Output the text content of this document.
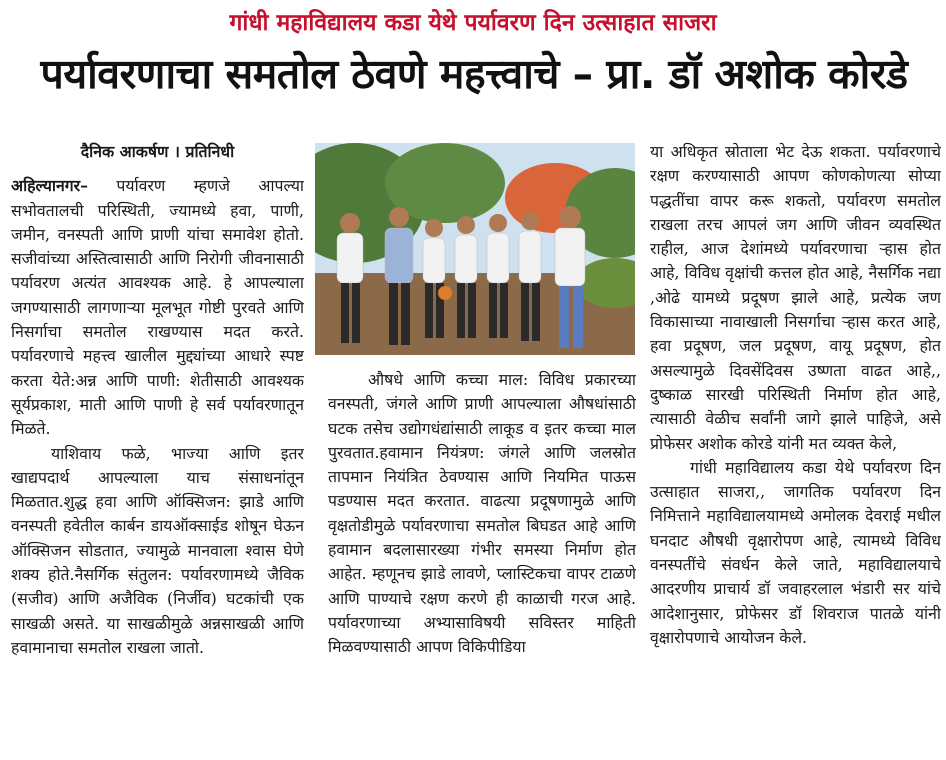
गांधी महाविद्यालय कडा येथे पर्यावरण दिन उत्साहात साजरा
पर्यावरणाचा समतोल ठेवणे महत्त्वाचे – प्रा. डॉ अशोक कोरडे

दैनिक आकर्षण । प्रतिनिधी

अहिल्यानगर– पर्यावरण म्हणजे आपल्या सभोवतालची परिस्थिती, ज्यामध्ये हवा, पाणी, जमीन, वनस्पती आणि प्राणी यांचा समावेश होतो. सजीवांच्या अस्तित्वासाठी आणि निरोगी जीवनासाठी पर्यावरण अत्यंत आवश्यक आहे. हे आपल्याला जगण्यासाठी लागणाऱ्या मूलभूत गोष्टी पुरवते आणि निसर्गाचा समतोल राखण्यास मदत करते. पर्यावरणाचे महत्त्व खालील मुद्द्यांच्या आधारे स्पष्ट करता येते:अन्न आणि पाणी: शेतीसाठी आवश्यक सूर्यप्रकाश, माती आणि पाणी हे सर्व पर्यावरणातून मिळते.

याशिवाय फळे, भाज्या आणि इतर खाद्यपदार्थ आपल्याला याच संसाधनांतून मिळतात.शुद्ध हवा आणि ऑक्सिजन: झाडे आणि वनस्पती हवेतील कार्बन डायऑक्साईड शोषून घेऊन ऑक्सिजन सोडतात, ज्यामुळे मानवाला श्वास घेणे शक्य होते.नैसर्गिक संतुलन: पर्यावरणामध्ये जैविक (सजीव) आणि अजैविक (निर्जीव) घटकांची एक साखळी असते. या साखळीमुळे अन्नसाखळी आणि हवामानाचा समतोल राखला जातो.

औषधे आणि कच्चा माल: विविध प्रकारच्या वनस्पती, जंगले आणि प्राणी आपल्याला औषधांसाठी घटक तसेच उद्योगधंद्यांसाठी लाकूड व इतर कच्चा माल पुरवतात.हवामान नियंत्रण: जंगले आणि जलस्रोत तापमान नियंत्रित ठेवण्यास आणि नियमित पाऊस पडण्यास मदत करतात. वाढत्या प्रदूषणामुळे आणि वृक्षतोडीमुळे पर्यावरणाचा समतोल बिघडत आहे आणि हवामान बदलासारख्या गंभीर समस्या निर्माण होत आहेत. म्हणूनच झाडे लावणे, प्लास्टिकचा वापर टाळणे आणि पाण्याचे रक्षण करणे ही काळाची गरज आहे. पर्यावरणाच्या अभ्यासाविषयी सविस्तर माहिती मिळवण्यासाठी आपण विकिपीडिया

या अधिकृत स्रोताला भेट देऊ शकता. पर्यावरणाचे रक्षण करण्यासाठी आपण कोणकोणत्या सोप्या पद्धतींचा वापर करू शकतो, पर्यावरण समतोल राखला तरच आपलं जग आणि जीवन व्यवस्थित राहील, आज देशांमध्ये पर्यावरणाचा ऱ्हास होत आहे, विविध वृक्षांची कत्तल होत आहे, नैसर्गिक नद्या ,ओढे यामध्ये प्रदूषण झाले आहे, प्रत्येक जण विकासाच्या नावाखाली निसर्गाचा ऱ्हास करत आहे, हवा प्रदूषण, जल प्रदूषण, वायू प्रदूषण, होत असल्यामुळे दिवसेंदिवस उष्णता वाढत आहे,, दुष्काळ सारखी परिस्थिती निर्माण होत आहे, त्यासाठी वेळीच सर्वांनी जागे झाले पाहिजे, असे प्रोफेसर अशोक कोरडे यांनी मत व्यक्त केले,

गांधी महाविद्यालय कडा येथे पर्यावरण दिन उत्साहात साजरा,, जागतिक पर्यावरण दिन निमित्ताने महाविद्यालयामध्ये अमोलक देवराई मधील घनदाट औषधी वृक्षारोपण आहे, त्यामध्ये विविध वनस्पतींचे संवर्धन केले जाते, महाविद्यालयाचे आदरणीय प्राचार्य डॉ जवाहरलाल भंडारी सर यांचे आदेशानुसार, प्रोफेसर डॉ शिवराज पातळे यांनी वृक्षारोपणाचे आयोजन केले.
